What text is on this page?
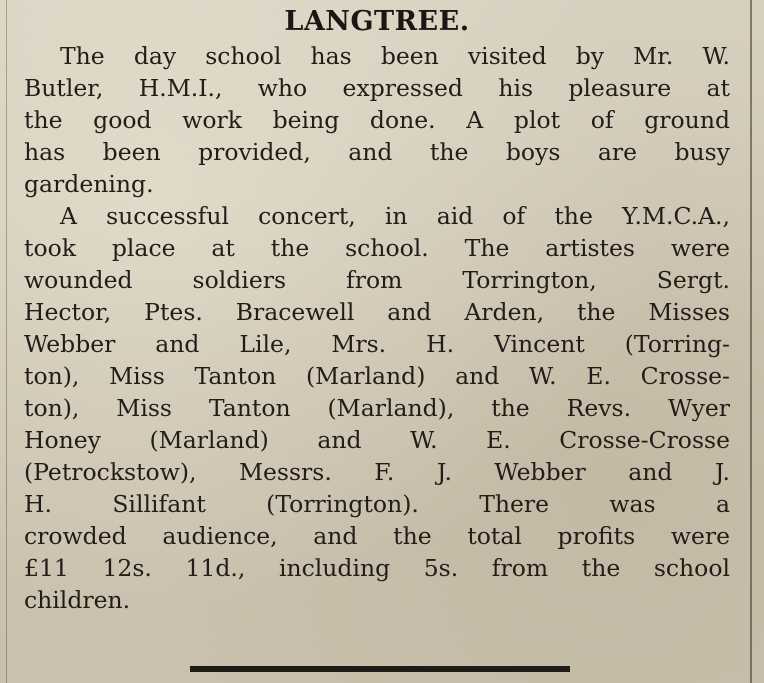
LANGTREE.
The day school has been visited by Mr. W.
Butler, H.M.I., who expressed his pleasure at
the good work being done. A plot of ground
has been provided, and the boys are busy
gardening.
A successful concert, in aid of the Y.M.C.A.,
took place at the school. The artistes were
wounded soldiers from Torrington, Sergt.
Hector, Ptes. Bracewell and Arden, the Misses
Webber and Lile, Mrs. H. Vincent (Torring-
ton), Miss Tanton (Marland) and W. E. Crosse-
ton), Miss Tanton (Marland), the Revs. Wyer
Honey (Marland) and W. E. Crosse-Crosse
(Petrockstow), Messrs. F. J. Webber and J.
H. Sillifant (Torrington). There was a
crowded audience, and the total profits were
£11 12s. 11d., including 5s. from the school
children.
